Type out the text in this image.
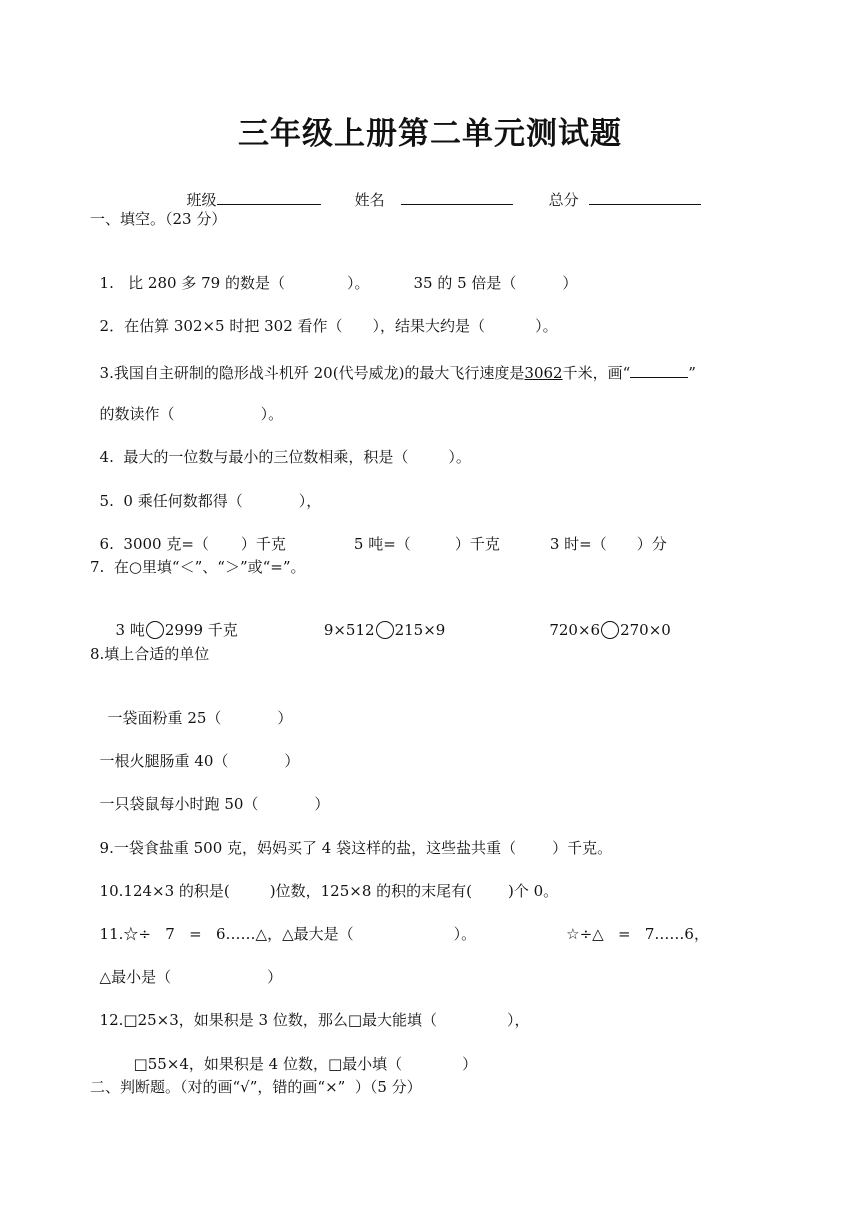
三年级上册第二单元测试题

班级	姓名	总分

一、填空。（23 分）

1.   比 280 多 79 的数是（	）。	35 的 5 倍是（	）

2．在估算 302×5 时把 302 看作（ ），结果大约是（	）。

3.我国自主研制的隐形战斗机歼 20(代号威龙)的最大飞行速度是3062千米，画“	”

的数读作（	）。

4.  最大的一位数与最小的三位数相乘，积是（	）。

5.  0 乘任何数都得（	），

6.  3000 克=（ ）千克	5 吨=（	）千克	3 时=（ ）分

7.  在○里填“＜”、“＞”或“=”。

3 吨 2999 千克	9×512 215×9	720×6 270×0

8.填上合适的单位

一袋面粉重 25（	）

一根火腿肠重 40（	）

一只袋鼠每小时跑 50（	）

9.一袋食盐重 500 克，妈妈买了 4 袋这样的盐，这些盐共重（ ）千克。

10.124×3 的积是(	)位数，125×8 的积的末尾有( )个 0。

11.☆÷   7   =   6……△，△最大是（	）。	☆÷△   =   7……6，

△最小是（	）

12.□25×3，如果积是 3 位数，那么□最大能填（	），

□55×4，如果积是 4 位数，□最小填（	）

二、判断题。（对的画“√”，错的画“×”  ）（5 分）
